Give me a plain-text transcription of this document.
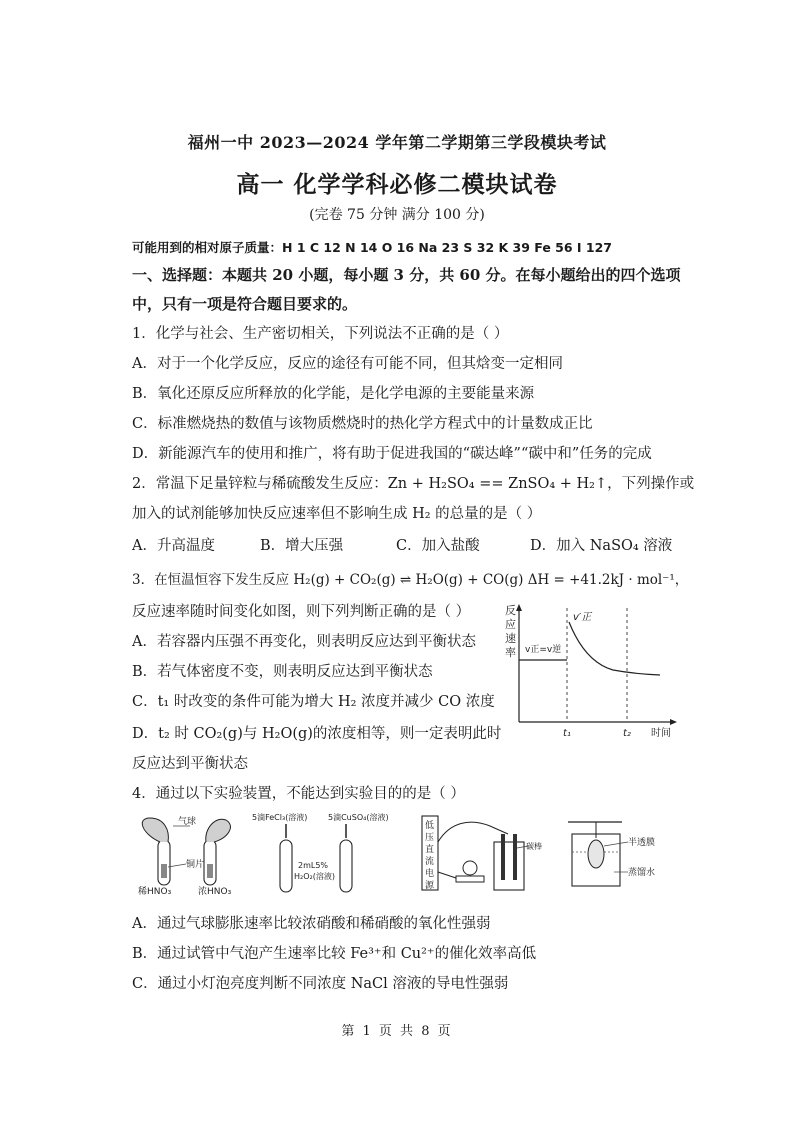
福州一中 2023—2024 学年第二学期第三学段模块考试
高一 化学学科必修二模块试卷
(完卷 75 分钟 满分 100 分)
可能用到的相对原子质量：H 1 C 12 N 14 O 16 Na 23 S 32 K 39 Fe 56 I 127
一、选择题：本题共 20 小题，每小题 3 分，共 60 分。在每小题给出的四个选项
中，只有一项是符合题目要求的。
1．化学与社会、生产密切相关，下列说法不正确的是（ ）
A．对于一个化学反应，反应的途径有可能不同，但其焓变一定相同
B．氧化还原反应所释放的化学能，是化学电源的主要能量来源
C．标准燃烧热的数值与该物质燃烧时的热化学方程式中的计量数成正比
D．新能源汽车的使用和推广，将有助于促进我国的“碳达峰”“碳中和”任务的完成
2．常温下足量锌粒与稀硫酸发生反应：Zn + H₂SO₄ == ZnSO₄ + H₂↑，下列操作或
加入的试剂能够加快反应速率但不影响生成 H₂ 的总量的是（ ）
A．升高温度	B．增大压强	C．加入盐酸	D．加入 NaSO₄ 溶液
3．在恒温恒容下发生反应 H₂(g) + CO₂(g) ⇌ H₂O(g) + CO(g) ΔH = +41.2kJ · mol⁻¹，
反应速率随时间变化如图，则下列判断正确的是（ ）
A．若容器内压强不再变化，则表明反应达到平衡状态
B．若气体密度不变，则表明反应达到平衡状态
C．t₁ 时改变的条件可能为增大 H₂ 浓度并减少 CO 浓度
D．t₂ 时 CO₂(g)与 H₂O(g)的浓度相等，则一定表明此时
反应达到平衡状态
反
应
速
率 v正=v逆
v′正
t₁	t₂ 时间
4．通过以下实验装置，不能达到实验目的的是（ ）
气球
铜片
稀HNO₃	浓HNO₃
5滴FeCl₃(溶液)	5滴CuSO₄(溶液)
2mL5%
H₂O₂(溶液)
低
压
直
流
电
源
碳棒	半透膜
蒸馏水
A．通过气球膨胀速率比较浓硝酸和稀硝酸的氧化性强弱
B．通过试管中气泡产生速率比较 Fe³⁺和 Cu²⁺的催化效率高低
C．通过小灯泡亮度判断不同浓度 NaCl 溶液的导电性强弱
第 1 页 共 8 页
